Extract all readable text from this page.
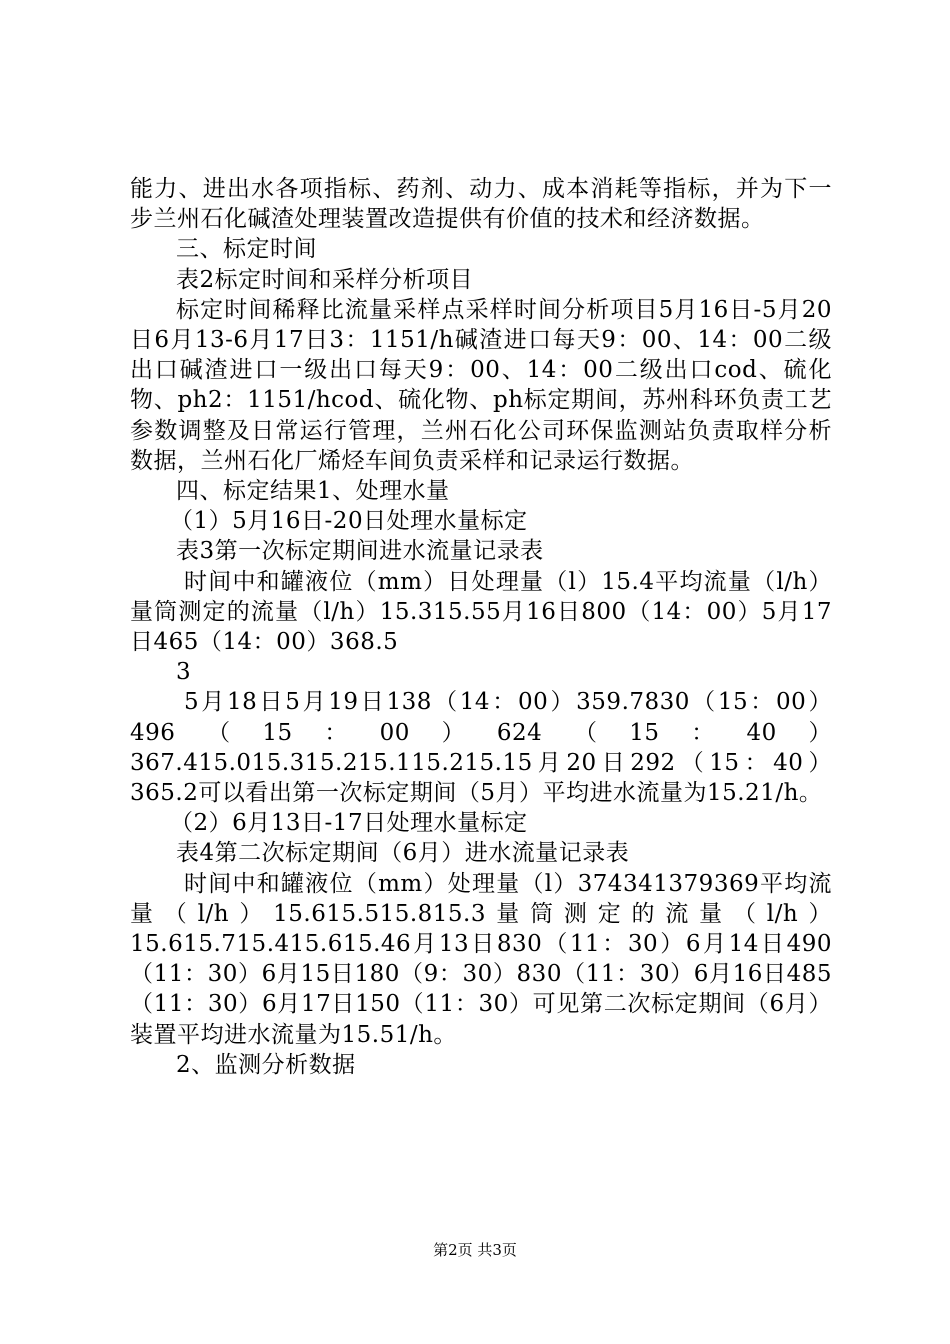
能力、进出水各项指标、药剂、动力、成本消耗等指标，并为下一步兰州石化碱渣处理装置改造提供有价值的技术和经济数据。

三、标定时间

表2标定时间和采样分析项目

标定时间稀释比流量采样点采样时间分析项目5月16日-5月20日6月13-6月17日3：1151/h碱渣进口每天9：00、14：00二级出口碱渣进口一级出口每天9：00、14：00二级出口cod、硫化物、ph2：1151/hcod、硫化物、ph标定期间，苏州科环负责工艺参数调整及日常运行管理，兰州石化公司环保监测站负责取样分析数据，兰州石化厂烯烃车间负责采样和记录运行数据。

四、标定结果1、处理水量

（1）5月16日-20日处理水量标定

表3第一次标定期间进水流量记录表

时间中和罐液位（mm）日处理量（l）15.4平均流量（l/h）量筒测定的流量（l/h）15.315.55月16日800（14：00）5月17日465（14：00）368.5

3

5月18日5月19日138（14：00）359.7830（15：00）496（15：00）624（15：40）367.415.015.315.215.115.215.15月20日292（15：40）365.2可以看出第一次标定期间（5月）平均进水流量为15.21/h。

（2）6月13日-17日处理水量标定

表4第二次标定期间（6月）进水流量记录表

时间中和罐液位（mm）处理量（l）374341379369平均流量（l/h）15.615.515.815.3量筒测定的流量（l/h）15.615.715.415.615.46月13日830（11：30）6月14日490（11：30）6月15日180（9：30）830（11：30）6月16日485（11：30）6月17日150（11：30）可见第二次标定期间（6月）装置平均进水流量为15.51/h。

2、监测分析数据

第2页 共3页
